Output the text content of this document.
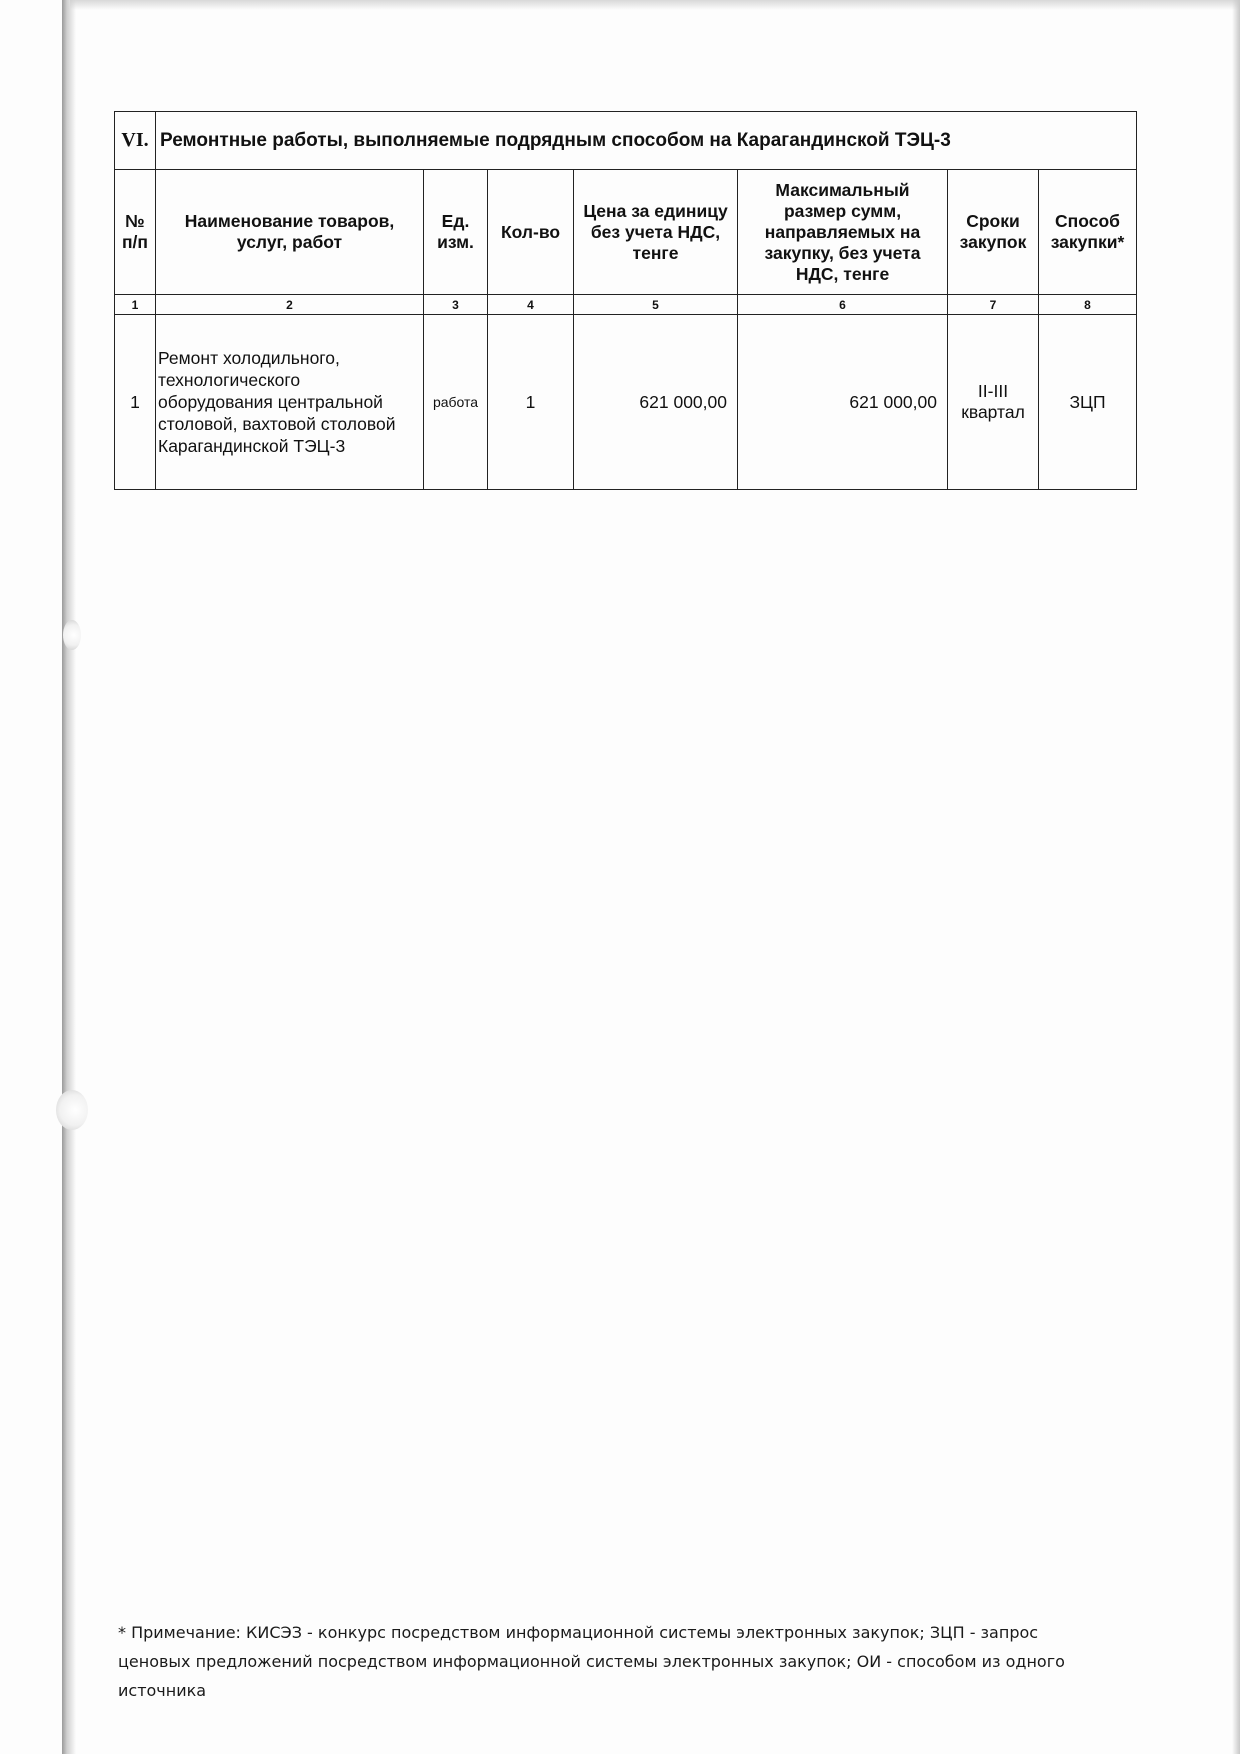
VI.	Ремонтные работы, выполняемые подрядным способом на Карагандинской ТЭЦ-3						
№ п/п	Наименование товаров, услуг, работ	Ед. изм.	Кол-во	Цена за единицу без учета НДС, тенге	Максимальный размер сумм, направляемых на закупку, без учета НДС, тенге	Сроки закупок	Способ закупки*
1	2	3	4	5	6	7	8
1	Ремонт холодильного, технологического оборудования центральной столовой, вахтовой столовой Карагандинской ТЭЦ-3	работа	1	621 000,00	621 000,00	II-III квартал	ЗЦП
* Примечание: КИСЭЗ - конкурс посредством информационной системы электронных закупок; ЗЦП - запрос ценовых предложений посредством информационной системы электронных закупок; ОИ - способом из одного источника
